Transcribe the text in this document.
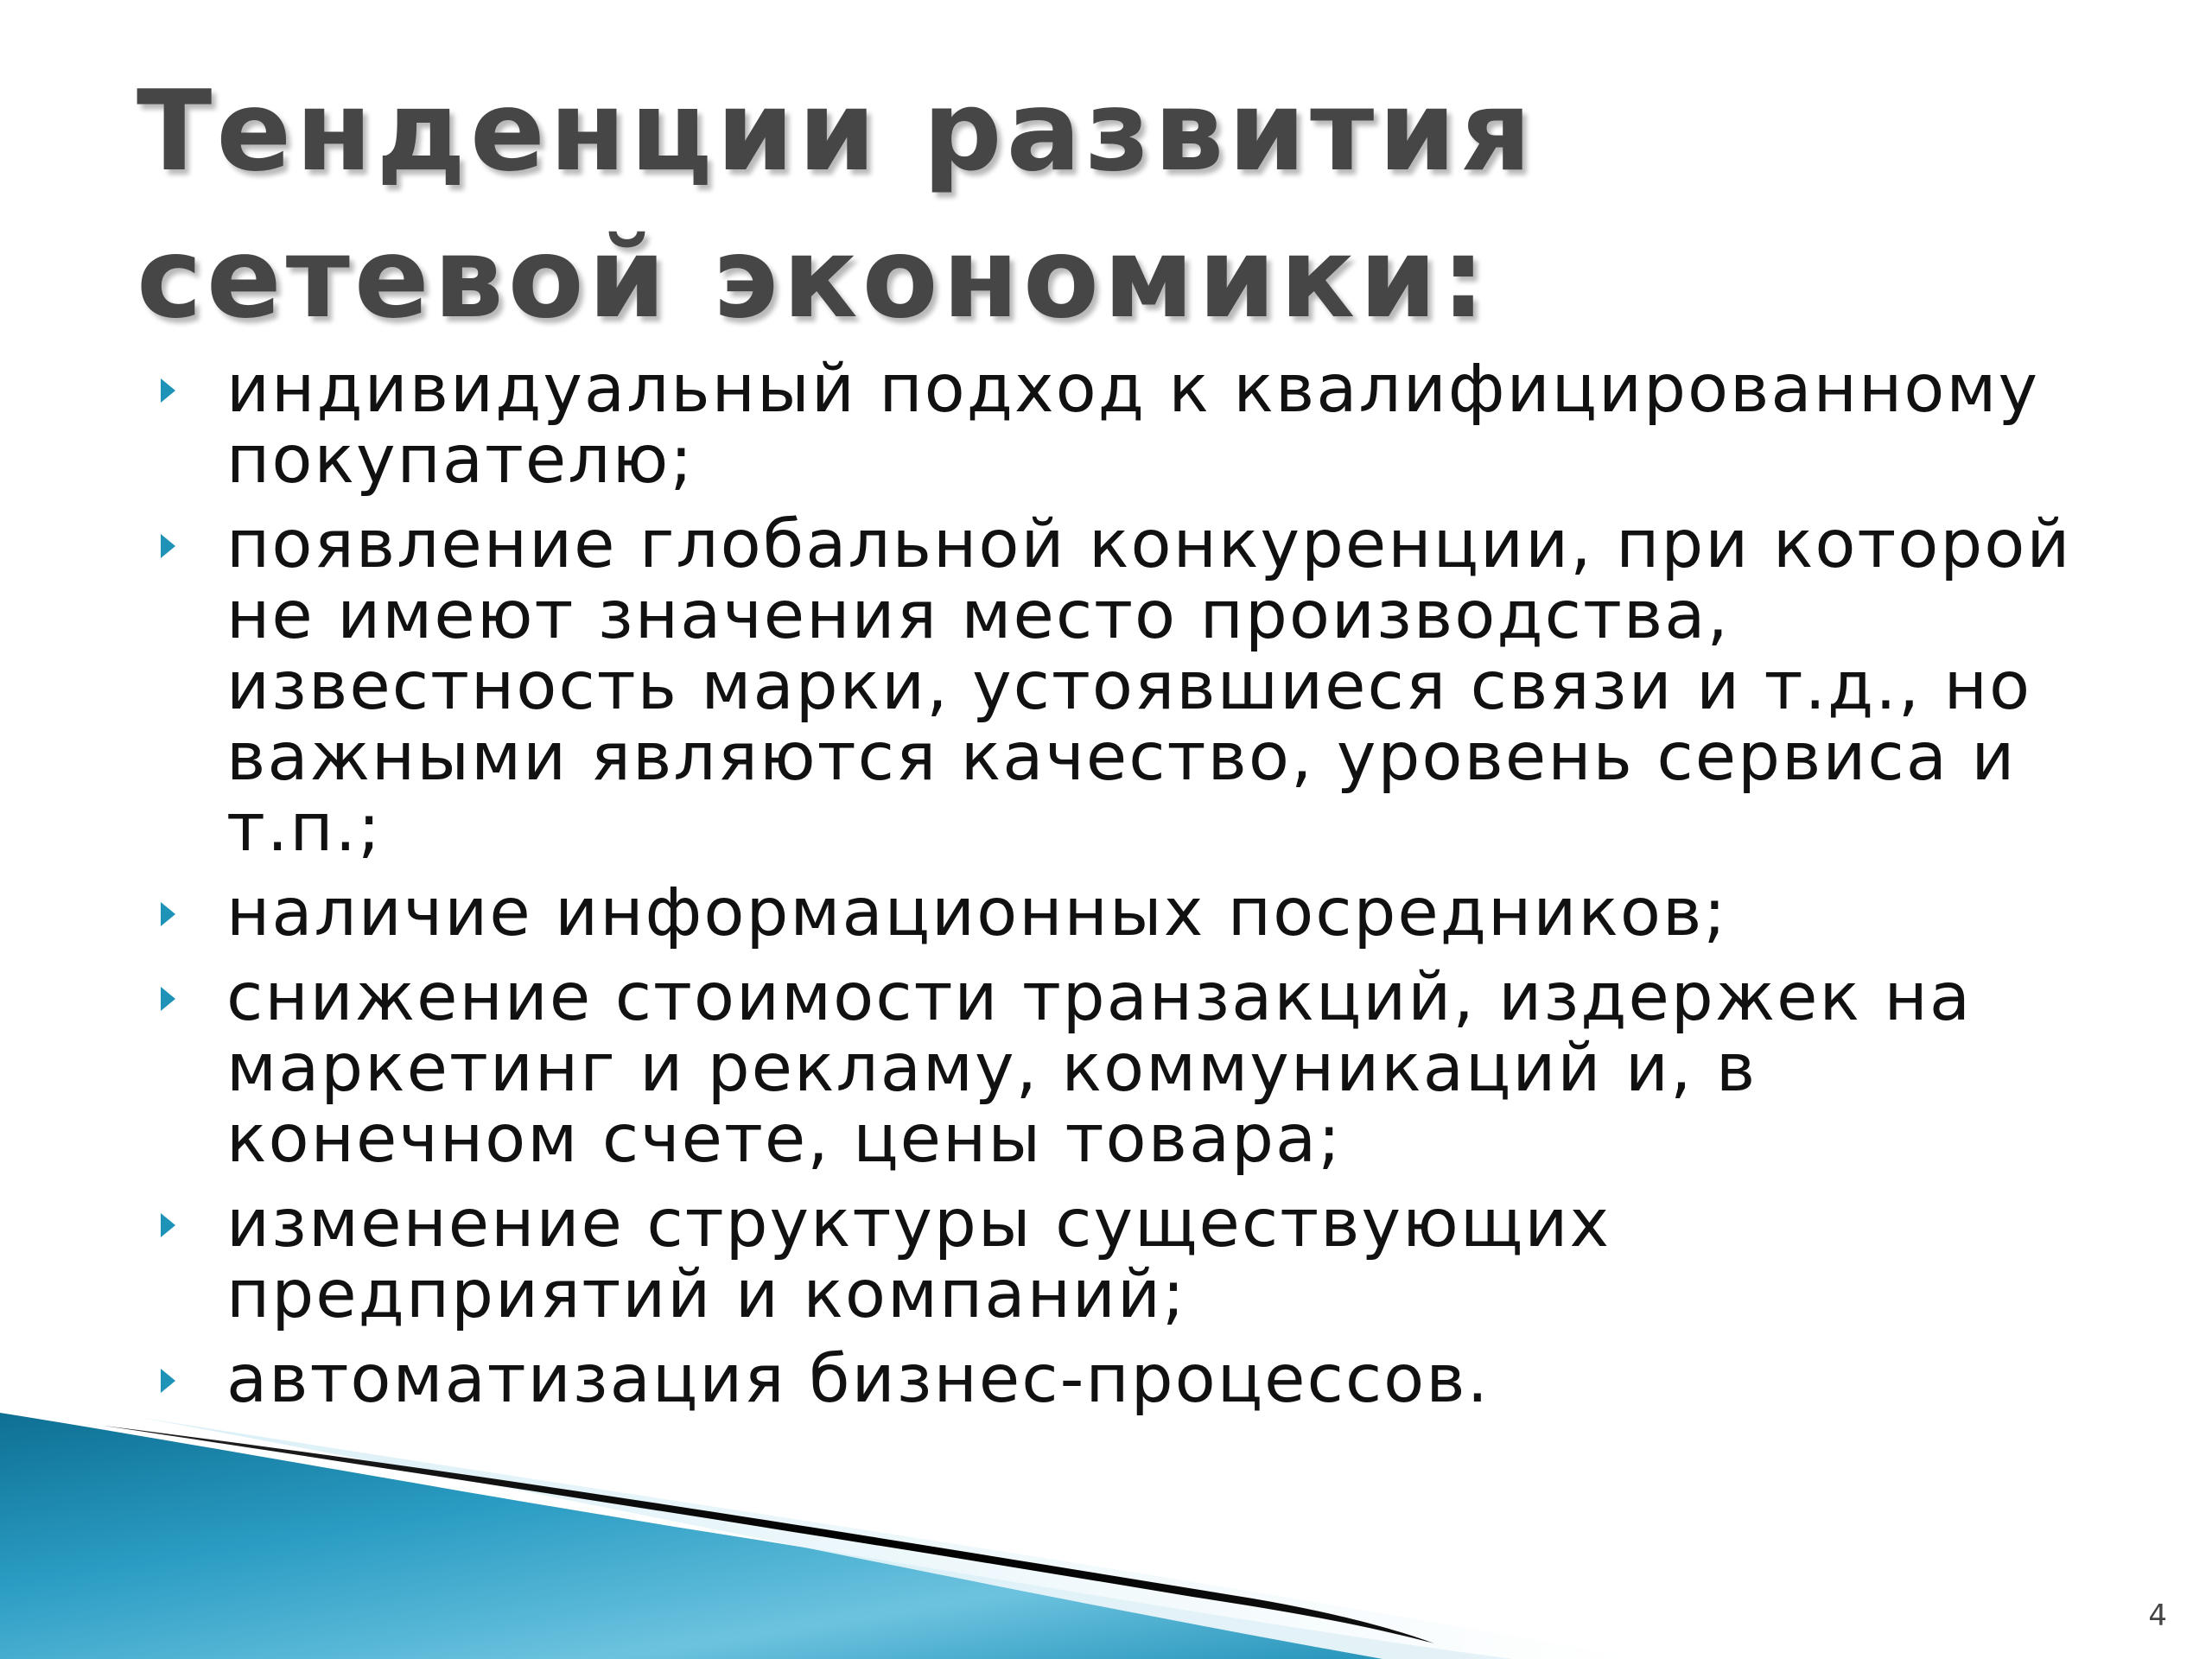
Тенденции развития сетевой экономики:
индивидуальный подход к квалифицированному покупателю;
появление глобальной конкуренции, при которой не имеют значения место производства, известность марки, устоявшиеся связи и т.д., но важными являются качество, уровень сервиса и т.п.;
наличие информационных посредников;
снижение стоимости транзакций, издержек на маркетинг и рекламу, коммуникаций и, в конечном счете, цены товара;
изменение структуры существующих предприятий и компаний;
автоматизация бизнес-процессов.
4
